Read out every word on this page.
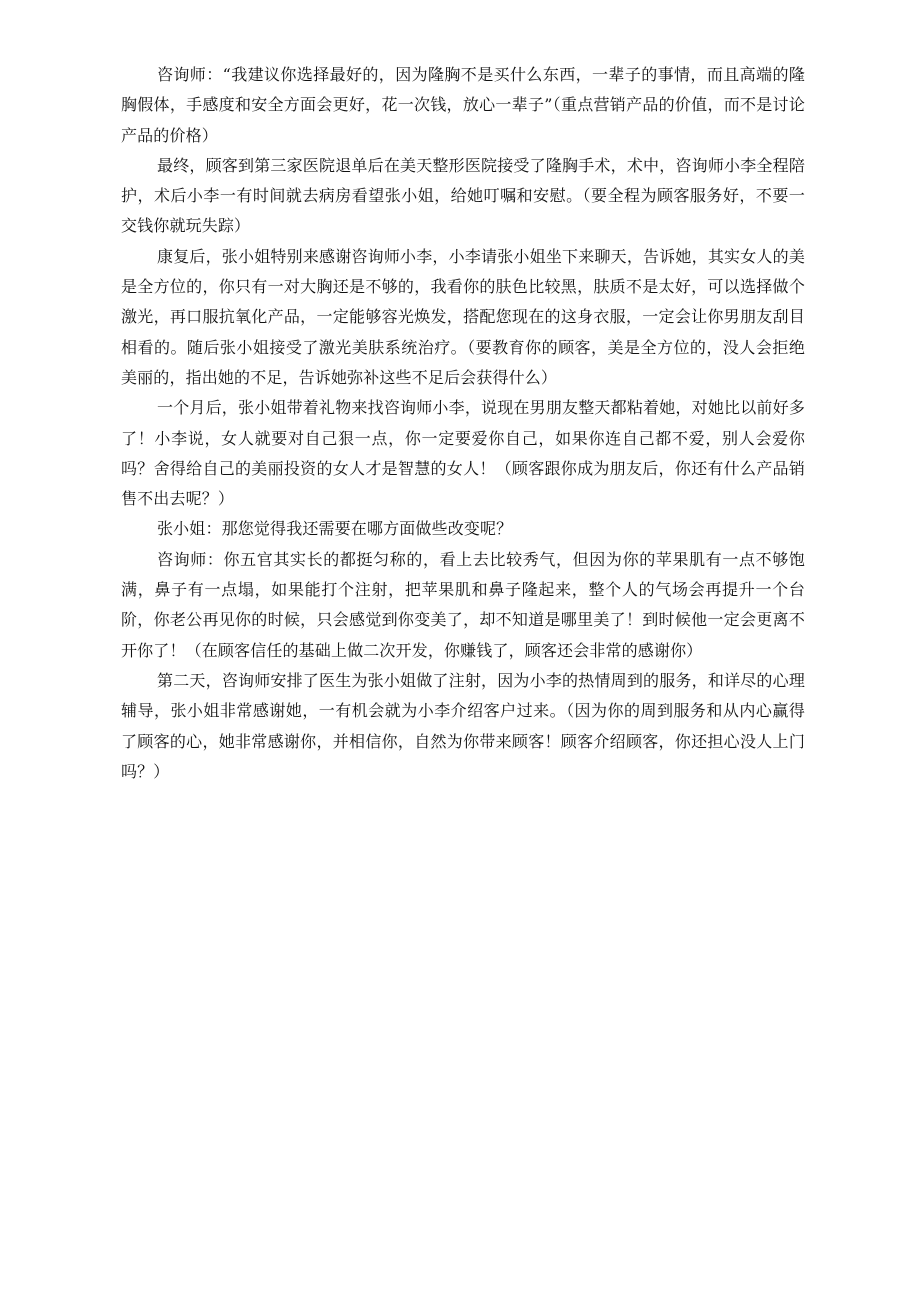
咨询师：“我建议你选择最好的，因为隆胸不是买什么东西，一辈子的事情，而且高端的隆胸假体，手感度和安全方面会更好，花一次钱，放心一辈子”（重点营销产品的价值，而不是讨论产品的价格）

最终，顾客到第三家医院退单后在美天整形医院接受了隆胸手术，术中，咨询师小李全程陪护，术后小李一有时间就去病房看望张小姐，给她叮嘱和安慰。（要全程为顾客服务好，不要一交钱你就玩失踪）

康复后，张小姐特别来感谢咨询师小李，小李请张小姐坐下来聊天，告诉她，其实女人的美是全方位的，你只有一对大胸还是不够的，我看你的肤色比较黑，肤质不是太好，可以选择做个激光，再口服抗氧化产品，一定能够容光焕发，搭配您现在的这身衣服，一定会让你男朋友刮目相看的。随后张小姐接受了激光美肤系统治疗。（要教育你的顾客，美是全方位的，没人会拒绝美丽的，指出她的不足，告诉她弥补这些不足后会获得什么）

一个月后，张小姐带着礼物来找咨询师小李，说现在男朋友整天都粘着她，对她比以前好多了！小李说，女人就要对自己狠一点，你一定要爱你自己，如果你连自己都不爱，别人会爱你吗？舍得给自己的美丽投资的女人才是智慧的女人！（顾客跟你成为朋友后，你还有什么产品销售不出去呢？）

张小姐：那您觉得我还需要在哪方面做些改变呢？

咨询师：你五官其实长的都挺匀称的，看上去比较秀气，但因为你的苹果肌有一点不够饱满，鼻子有一点塌，如果能打个注射，把苹果肌和鼻子隆起来，整个人的气场会再提升一个台阶，你老公再见你的时候，只会感觉到你变美了，却不知道是哪里美了！到时候他一定会更离不开你了！（在顾客信任的基础上做二次开发，你赚钱了，顾客还会非常的感谢你）

第二天，咨询师安排了医生为张小姐做了注射，因为小李的热情周到的服务，和详尽的心理辅导，张小姐非常感谢她，一有机会就为小李介绍客户过来。（因为你的周到服务和从内心赢得了顾客的心，她非常感谢你，并相信你，自然为你带来顾客！顾客介绍顾客，你还担心没人上门吗？）
